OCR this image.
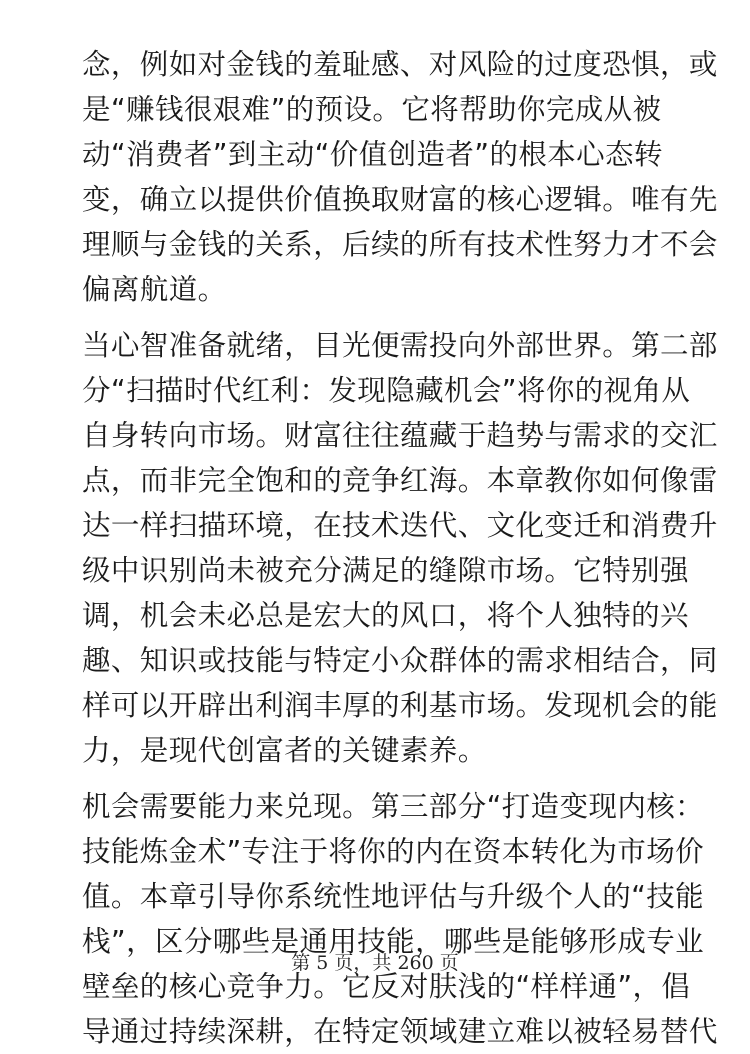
念，例如对金钱的羞耻感、对风险的过度恐惧，或
是“赚钱很艰难”的预设。它将帮助你完成从被
动“消费者”到主动“价值创造者”的根本心态转
变，确立以提供价值换取财富的核心逻辑。唯有先
理顺与金钱的关系，后续的所有技术性努力才不会
偏离航道。
当心智准备就绪，目光便需投向外部世界。第二部
分“扫描时代红利：发现隐藏机会”将你的视角从
自身转向市场。财富往往蕴藏于趋势与需求的交汇
点，而非完全饱和的竞争红海。本章教你如何像雷
达一样扫描环境，在技术迭代、文化变迁和消费升
级中识别尚未被充分满足的缝隙市场。它特别强
调，机会未必总是宏大的风口，将个人独特的兴
趣、知识或技能与特定小众群体的需求相结合，同
样可以开辟出利润丰厚的利基市场。发现机会的能
力，是现代创富者的关键素养。
机会需要能力来兑现。第三部分“打造变现内核：
技能炼金术”专注于将你的内在资本转化为市场价
值。本章引导你系统性地评估与升级个人的“技能
栈”，区分哪些是通用技能，哪些是能够形成专业
壁垒的核心竞争力。它反对肤浅的“样样通”，倡
导通过持续深耕，在特定领域建立难以被轻易替代
第 5 页，共 260 页
